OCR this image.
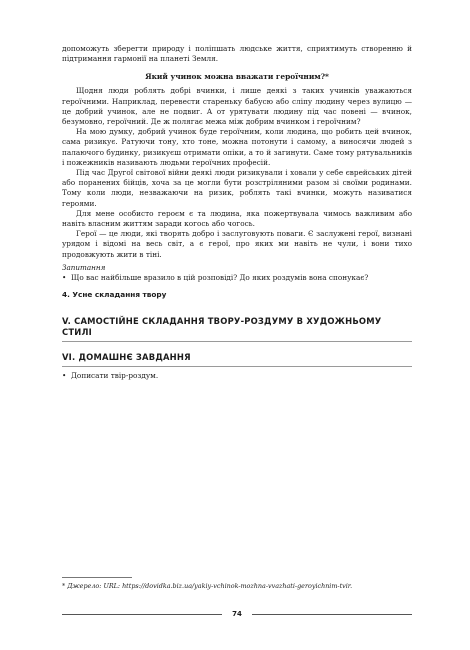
допоможуть зберегти природу і поліпшать людське життя, сприятимуть створенню й підтримання гармонії на планеті Земля.

Який учинок можна вважати героїчним?*

Щодня люди роблять добрі вчинки, і лише деякі з таких учинків уважаються героїчними. Наприклад, перевести стареньку бабусю або сліпу людину через вулицю — це добрий учинок, але не подвиг. А от урятувати людину під час повені — вчинок, безумовно, героїчний. Де ж полягає межа між добрим вчинком і героїчним?

На мою думку, добрий учинок буде героїчним, коли людина, що робить цей вчинок, сама ризикує. Ратуючи тону, хто тоне, можна потонути і самому, а виносячи людей з палаючого будинку, ризикуєш отримати опіки, а то й загинути. Саме тому рятувальників і пожежників називають людьми героїчних професій.

Під час Другої світової війни деякі люди ризикували і ховали у себе єврейських дітей або поранених бійців, хоча за це могли бути розстріляними разом зі своїми родинами. Тому коли люди, незважаючи на ризик, роблять такі вчинки, можуть називатися героями.

Для мене особисто героєм є та людина, яка пожертвувала чимось важливим або навіть власним життям заради когось або чогось.

Герої — це люди, які творять добро і заслуговують поваги. Є заслужені герої, визнані урядом і відомі на весь світ, а є герої, про яких ми навіть не чули, і вони тихо продовжують жити в тіні.

Запитання
• Що вас найбільше вразило в цій розповіді? До яких роздумів вона спонукає?
4. Усне складання твору
V. САМОСТІЙНЕ СКЛАДАННЯ ТВОРУ-РОЗДУМУ В ХУДОЖНЬОМУ СТИЛІ
VI. ДОМАШНЄ ЗАВДАННЯ
• Дописати твір-роздум.
* Джерело: URL: https://dovidka.biz.ua/yakiy-vchinok-mozhna-vvazhati-geroyichnim-tvir.
74
